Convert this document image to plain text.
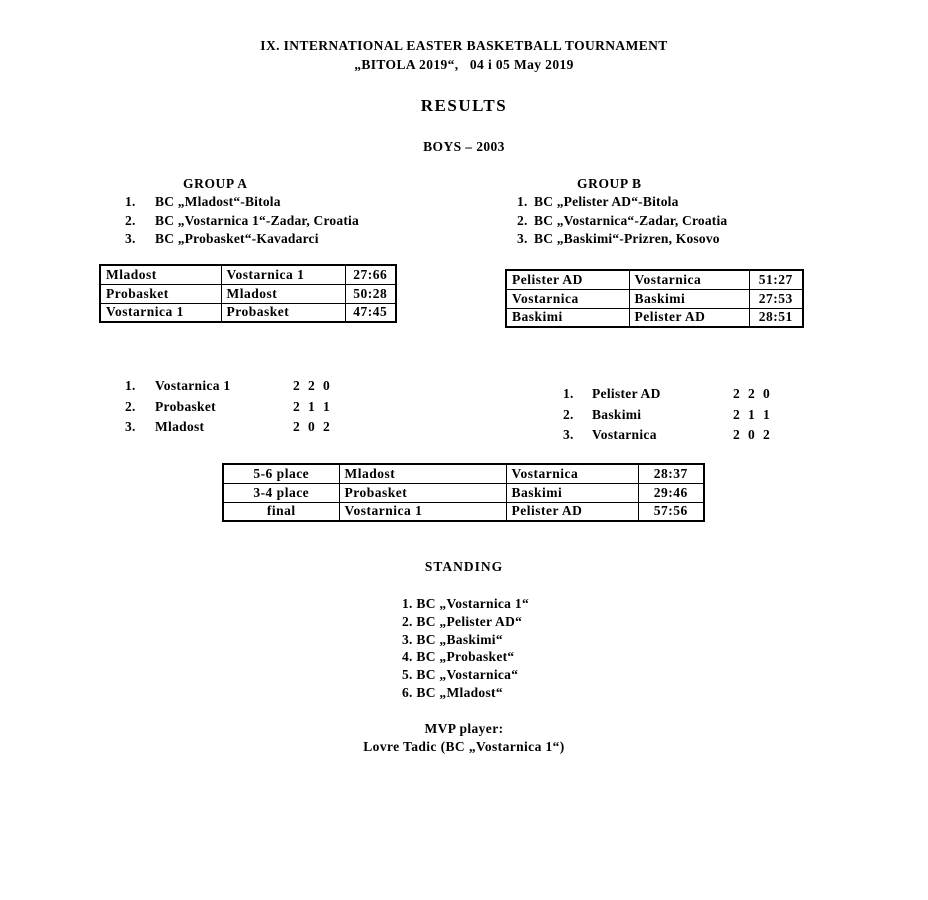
IX. INTERNATIONAL EASTER BASKETBALL TOURNAMENT
„BITOLA 2019“,   04 i 05 May 2019
RESULTS
BOYS – 2003
GROUP A
1.	BC „Mladost“-Bitola
2.	BC „Vostarnica 1“-Zadar, Croatia
3.	BC „Probasket“-Kavadarci
GROUP B
1. BC „Pelister AD“-Bitola
2. BC „Vostarnica“-Zadar, Croatia
3. BC „Baskimi“-Prizren, Kosovo
Mladost	Vostarnica 1	27:66
Probasket	Mladost	50:28
Vostarnica 1	Probasket	47:45
Pelister AD	Vostarnica	51:27
Vostarnica	Baskimi	27:53
Baskimi	Pelister AD	28:51
1.	Vostarnica 1	2  2  0
2.	Probasket	2  1  1
3.	Mladost	2  0  2
1.	Pelister AD	2  2  0
2.	Baskimi	2  1  1
3.	Vostarnica	2  0  2
5-6 place	Mladost	Vostarnica	28:37
3-4 place	Probasket	Baskimi	29:46
final	Vostarnica 1	Pelister AD	57:56
STANDING
1. BC „Vostarnica 1“
2. BC „Pelister AD“
3. BC „Baskimi“
4. BC „Probasket“
5. BC „Vostarnica“
6. BC „Mladost“
MVP player:
Lovre Tadic (BC „Vostarnica 1“)
